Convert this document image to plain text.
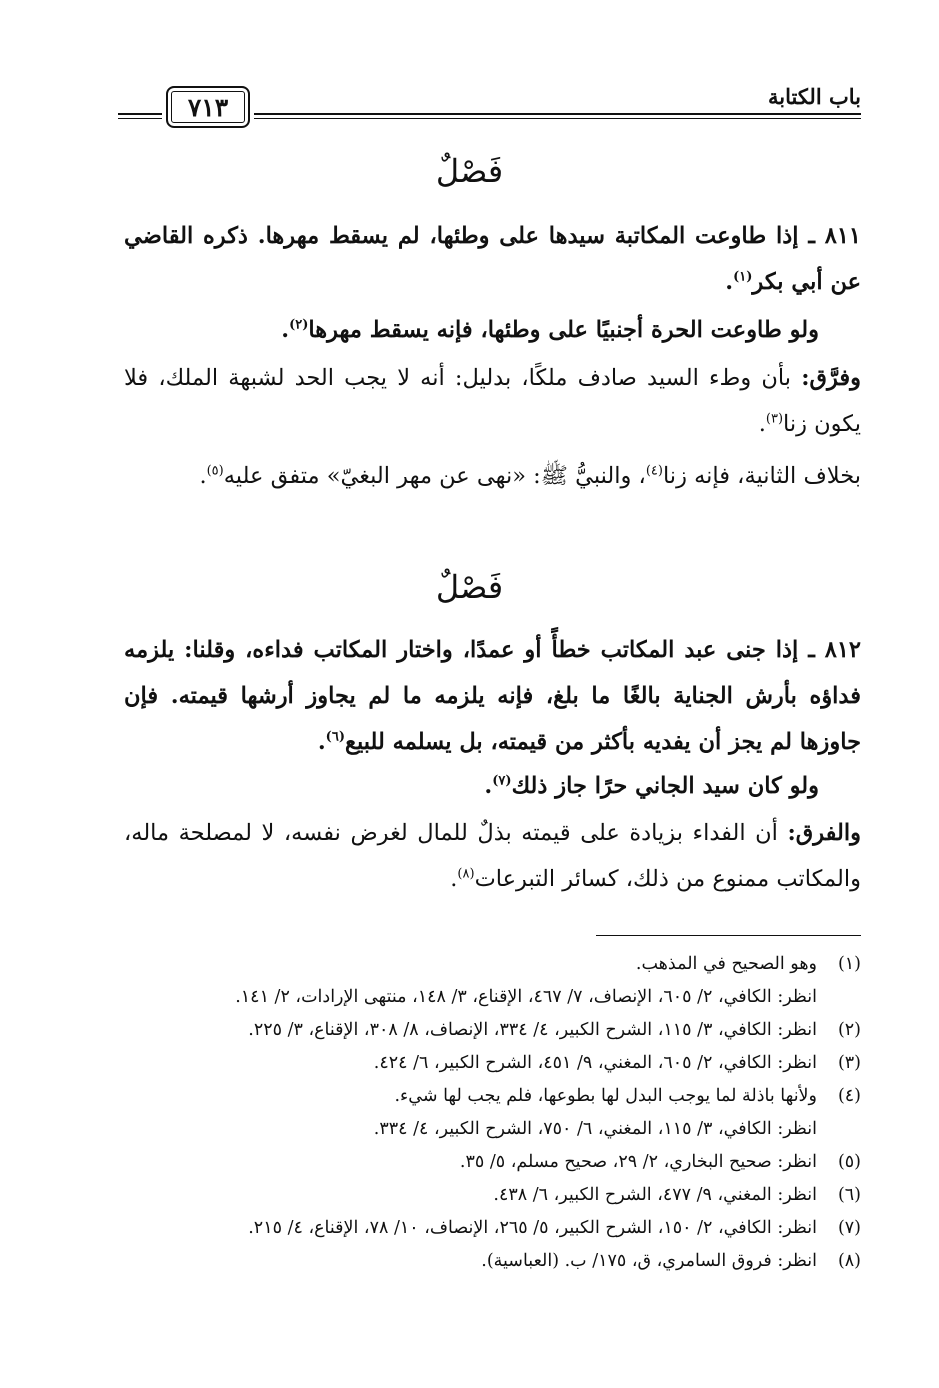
باب الكتابة
٧١٣
فَصْلٌ
٨١١ ـ إذا طاوعت المكاتبة سيدها على وطئها، لم يسقط مهرها. ذكره القاضي عن أبي بكر$^{(١)}$.
ولو طاوعت الحرة أجنبيًا على وطئها، فإنه يسقط مهرها$^{(٢)}$.
وفرَّق: بأن وطء السيد صادف ملكًا، بدليل: أنه لا يجب الحد لشبهة الملك، فلا يكون زنا$^{(٣)}$.
بخلاف الثانية، فإنه زنا$^{(٤)}$، والنبيُّ ﷺ: «نهى عن مهر البغيّ» متفق عليه$^{(٥)}$.
فَصْلٌ
٨١٢ ـ إذا جنى عبد المكاتب خطأً أو عمدًا، واختار المكاتب فداءه، وقلنا: يلزمه فداؤه بأرش الجناية بالغًا ما بلغ، فإنه يلزمه ما لم يجاوز أرشها قيمته. فإن جاوزها لم يجز أن يفديه بأكثر من قيمته، بل يسلمه للبيع$^{(٦)}$.
ولو كان سيد الجاني حرًا جاز ذلك$^{(٧)}$.
والفرق: أن الفداء بزيادة على قيمته بذلٌ للمال لغرض نفسه، لا لمصلحة ماله، والمكاتب ممنوع من ذلك، كسائر التبرعات$^{(٨)}$.
(١)
وهو الصحيح في المذهب.
انظر: الكافي، ٢/ ٦٠٥، الإنصاف، ٧/ ٤٦٧، الإقناع، ٣/ ١٤٨، منتهى الإرادات، ٢/ ١٤١.
(٢)
انظر: الكافي، ٣/ ١١٥، الشرح الكبير، ٤/ ٣٣٤، الإنصاف، ٨/ ٣٠٨، الإقناع، ٣/ ٢٢٥.
(٣)
انظر: الكافي، ٢/ ٦٠٥، المغني، ٩/ ٤٥١، الشرح الكبير، ٦/ ٤٢٤.
(٤)
ولأنها باذلة لما يوجب البدل لها بطوعها، فلم يجب لها شيء.
انظر: الكافي، ٣/ ١١٥، المغني، ٦/ ٧٥٠، الشرح الكبير، ٤/ ٣٣٤.
(٥)
انظر: صحيح البخاري، ٢/ ٢٩، صحيح مسلم، ٥/ ٣٥.
(٦)
انظر: المغني، ٩/ ٤٧٧، الشرح الكبير، ٦/ ٤٣٨.
(٧)
انظر: الكافي، ٢/ ١٥٠، الشرح الكبير، ٥/ ٢٦٥، الإنصاف، ١٠/ ٧٨، الإقناع، ٤/ ٢١٥.
(٨)
انظر: فروق السامري، ق، ١٧٥/ ب. (العباسية).
